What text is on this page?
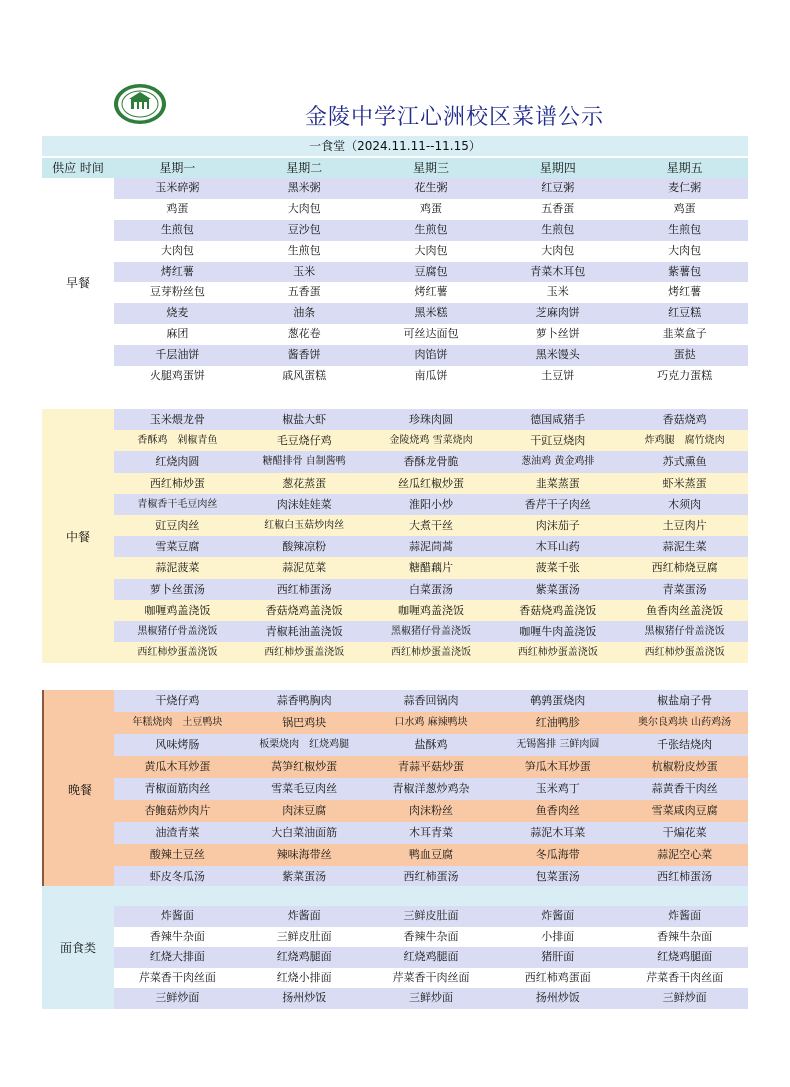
金陵中学江心洲校区菜谱公示
一食堂（2024.11.11--11.15）
供应 时间	星期一	星期二	星期三	星期四	星期五
早餐
玉米碎粥	黑米粥	花生粥	红豆粥	麦仁粥
鸡蛋	大肉包	鸡蛋	五香蛋	鸡蛋
生煎包	豆沙包	生煎包	生煎包	生煎包
大肉包	生煎包	大肉包	大肉包	大肉包
烤红薯	玉米	豆腐包	青菜木耳包	紫薯包
豆芽粉丝包	五香蛋	烤红薯	玉米	烤红薯
烧麦	油条	黑米糕	芝麻肉饼	红豆糕
麻团	葱花卷	可丝达面包	萝卜丝饼	韭菜盒子
千层油饼	酱香饼	肉馅饼	黑米馒头	蛋挞
火腿鸡蛋饼	戚风蛋糕	南瓜饼	土豆饼	巧克力蛋糕
中餐
玉米煨龙骨	椒盐大虾	珍珠肉圆	德国咸猪手	香菇烧鸡
香酥鸡　剁椒青鱼	毛豆烧仔鸡	金陵烧鸡 雪菜烧肉	干豇豆烧肉	炸鸡腿　腐竹烧肉
红烧肉圆	糖醋排骨 自制酱鸭	香酥龙骨脆	葱油鸡 黄金鸡排	苏式熏鱼
西红柿炒蛋	葱花蒸蛋	丝瓜红椒炒蛋	韭菜蒸蛋	虾米蒸蛋
青椒香干毛豆肉丝	肉沫娃娃菜	淮阳小炒	香芹干子肉丝	木须肉
豇豆肉丝	红椒白玉菇炒肉丝	大煮干丝	肉沫茄子	土豆肉片
雪菜豆腐	酸辣凉粉	蒜泥茼蒿	木耳山药	蒜泥生菜
蒜泥菠菜	蒜泥苋菜	糖醋藕片	菠菜千张	西红柿烧豆腐
萝卜丝蛋汤	西红柿蛋汤	白菜蛋汤	紫菜蛋汤	青菜蛋汤
咖喱鸡盖浇饭	香菇烧鸡盖浇饭	咖喱鸡盖浇饭	香菇烧鸡盖浇饭	鱼香肉丝盖浇饭
黑椒猪仔骨盖浇饭	青椒耗油盖浇饭	黑椒猪仔骨盖浇饭	咖喱牛肉盖浇饭	黑椒猪仔骨盖浇饭
西红柿炒蛋盖浇饭	西红柿炒蛋盖浇饭	西红柿炒蛋盖浇饭	西红柿炒蛋盖浇饭	西红柿炒蛋盖浇饭
晚餐
干烧仔鸡	蒜香鸭胸肉	蒜香回锅肉	鹌鹑蛋烧肉	椒盐扇子骨
年糕烧肉　土豆鸭块	锅巴鸡块	口水鸡 麻辣鸭块	红油鸭胗	奥尔良鸡块 山药鸡汤
风味烤肠	板栗烧肉　红烧鸡腿	盐酥鸡	无锡酱排 三鲜肉圆	千张结烧肉
黄瓜木耳炒蛋	莴笋红椒炒蛋	青蒜平菇炒蛋	笋瓜木耳炒蛋	杭椒粉皮炒蛋
青椒面筋肉丝	雪菜毛豆肉丝	青椒洋葱炒鸡杂	玉米鸡丁	蒜黄香干肉丝
杏鲍菇炒肉片	肉沫豆腐	肉沫粉丝	鱼香肉丝	雪菜咸肉豆腐
油渣青菜	大白菜油面筋	木耳青菜	蒜泥木耳菜	干煸花菜
酸辣土豆丝	辣味海带丝	鸭血豆腐	冬瓜海带	蒜泥空心菜
虾皮冬瓜汤	紫菜蛋汤	西红柿蛋汤	包菜蛋汤	西红柿蛋汤
面食类
炸酱面	炸酱面	三鲜皮肚面	炸酱面	炸酱面
香辣牛杂面	三鲜皮肚面	香辣牛杂面	小排面	香辣牛杂面
红烧大排面	红烧鸡腿面	红烧鸡腿面	猪肝面	红烧鸡腿面
芹菜香干肉丝面	红烧小排面	芹菜香干肉丝面	西红柿鸡蛋面	芹菜香干肉丝面
三鲜炒面	扬州炒饭	三鲜炒面	扬州炒饭	三鲜炒面
